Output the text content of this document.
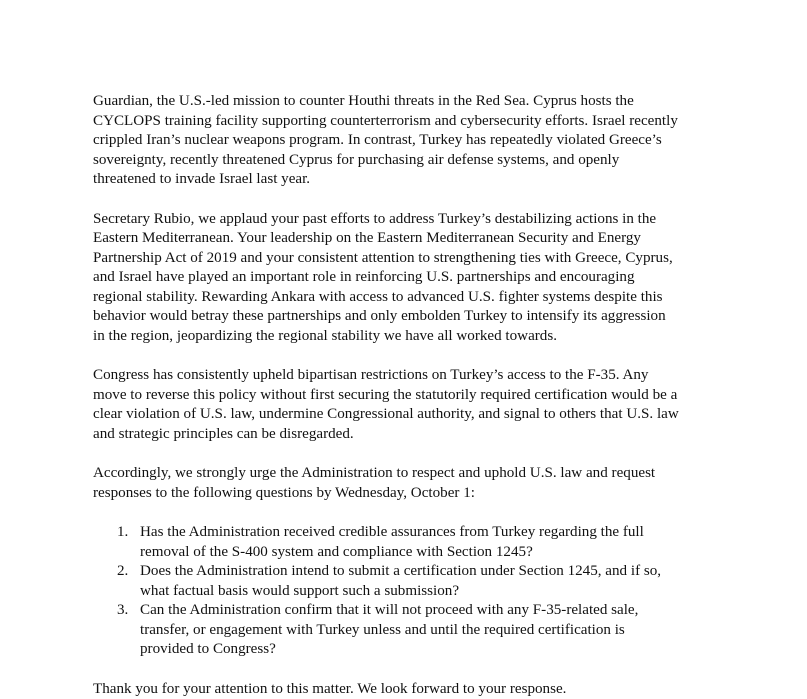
Guardian, the U.S.-led mission to counter Houthi threats in the Red Sea. Cyprus hosts the
CYCLOPS training facility supporting counterterrorism and cybersecurity efforts. Israel recently
crippled Iran’s nuclear weapons program. In contrast, Turkey has repeatedly violated Greece’s
sovereignty, recently threatened Cyprus for purchasing air defense systems, and openly
threatened to invade Israel last year.

Secretary Rubio, we applaud your past efforts to address Turkey’s destabilizing actions in the
Eastern Mediterranean. Your leadership on the Eastern Mediterranean Security and Energy
Partnership Act of 2019 and your consistent attention to strengthening ties with Greece, Cyprus,
and Israel have played an important role in reinforcing U.S. partnerships and encouraging
regional stability. Rewarding Ankara with access to advanced U.S. fighter systems despite this
behavior would betray these partnerships and only embolden Turkey to intensify its aggression
in the region, jeopardizing the regional stability we have all worked towards.

Congress has consistently upheld bipartisan restrictions on Turkey’s access to the F-35. Any
move to reverse this policy without first securing the statutorily required certification would be a
clear violation of U.S. law, undermine Congressional authority, and signal to others that U.S. law
and strategic principles can be disregarded.

Accordingly, we strongly urge the Administration to respect and uphold U.S. law and request
responses to the following questions by Wednesday, October 1:

1. Has the Administration received credible assurances from Turkey regarding the full
removal of the S-400 system and compliance with Section 1245?
2. Does the Administration intend to submit a certification under Section 1245, and if so,
what factual basis would support such a submission?
3. Can the Administration confirm that it will not proceed with any F-35-related sale,
transfer, or engagement with Turkey unless and until the required certification is
provided to Congress?

Thank you for your attention to this matter. We look forward to your response.
